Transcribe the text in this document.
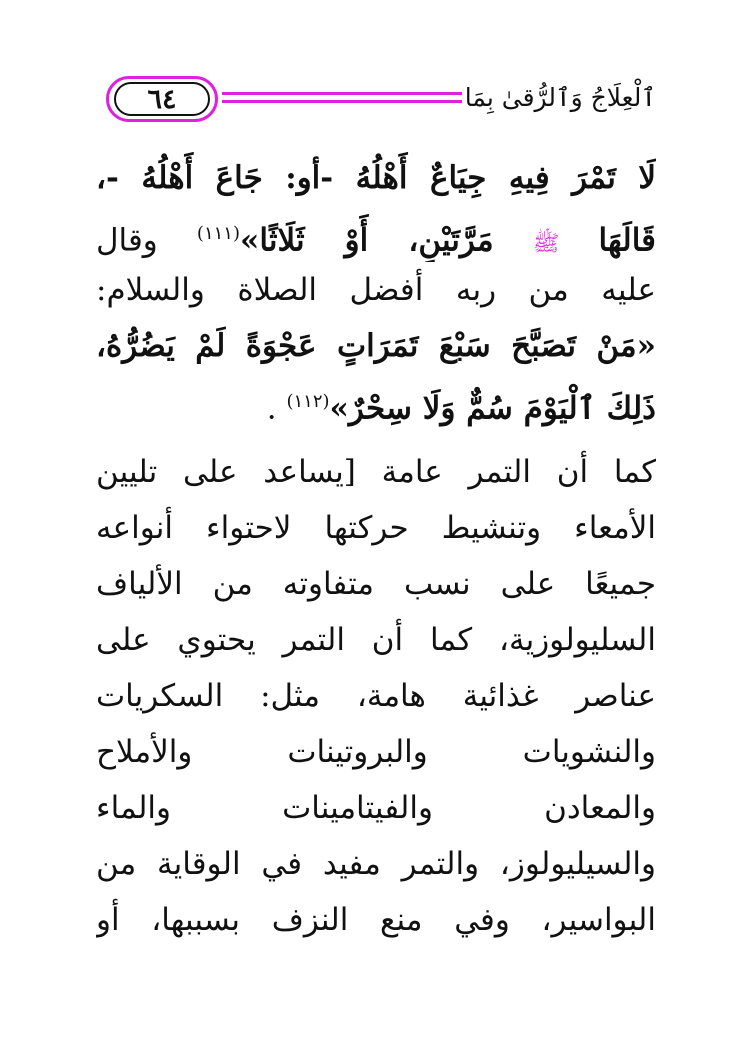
٦٤	ٱلْعِلَاجُ وَٱلرُّقىٰ بِمَا
لَا تَمْرَ فِيهِ جِيَاعٌ أَهْلُهُ -أو: جَاعَ أَهْلُهُ -،
قَالَهَا ﷺ مَرَّتَيْنِ، أَوْ ثَلَاثًا»$^{(١١١)}$ وقال
عليه من ربه أفضل الصلاة والسلام:
«مَنْ تَصَبَّحَ سَبْعَ تَمَرَاتٍ عَجْوَةً لَمْ يَضُرُّهُ،
ذَلِكَ ٱلْيَوْمَ سُمٌّ وَلَا سِحْرٌ»$^{(١١٢)}$ .
كما أن التمر عامة [يساعد على تليين
الأمعاء وتنشيط حركتها لاحتواء أنواعه
جميعًا على نسب متفاوته من الألياف
السليولوزية، كما أن التمر يحتوي على
عناصر غذائية هامة، مثل: السكريات
والنشويات والبروتينات والأملاح
والمعادن والفيتامينات والماء
والسيليولوز، والتمر مفيد في الوقاية من
البواسير، وفي منع النزف بسببها، أو
